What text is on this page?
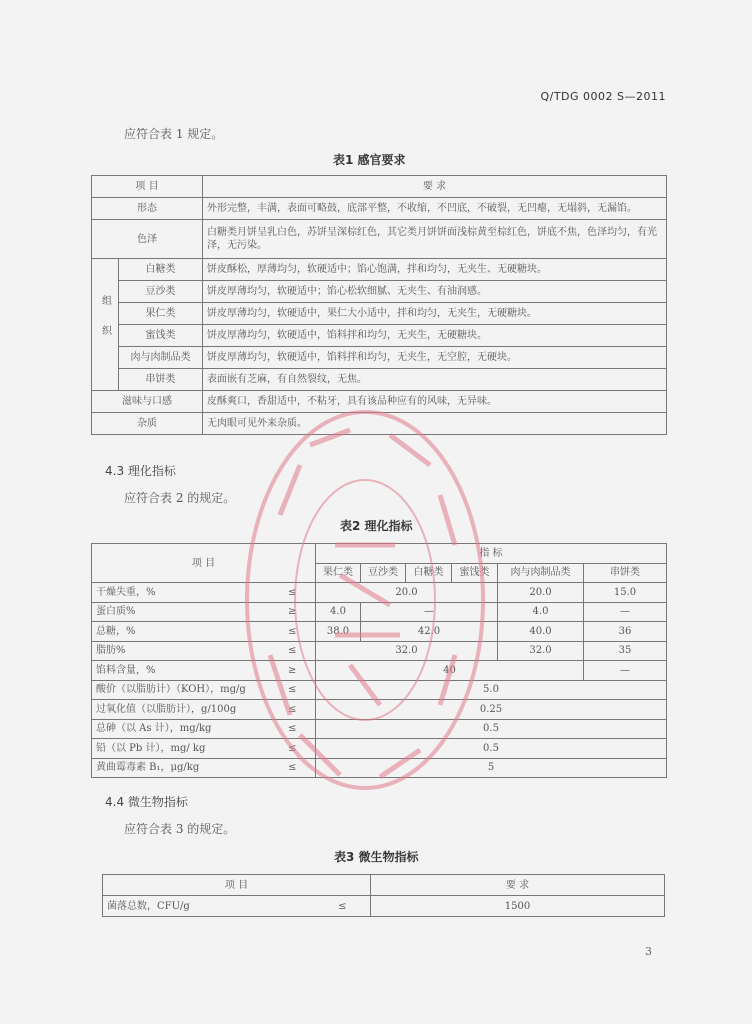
Q/TDG 0002 S—2011
应符合表 1 规定。
表1 感官要求
项 目		要 求
形态		外形完整，丰满，表面可略鼓，底部平整，不收缩，不凹底，不破裂，无凹瘪，无塌斜，无漏馅。
色泽		白糖类月饼呈乳白色，苏饼呈深棕红色，其它类月饼饼面浅棕黄至棕红色，饼底不焦，色泽均匀，有光泽，无污染。
组织	白糖类	饼皮酥松，厚薄均匀，软硬适中；馅心饱满，拌和均匀，无夹生、无硬糖块。
	豆沙类	饼皮厚薄均匀，软硬适中；馅心松软细腻、无夹生、有油润感。
	果仁类	饼皮厚薄均匀，软硬适中，果仁大小适中，拌和均匀，无夹生，无硬糖块。
	蜜饯类	饼皮厚薄均匀，软硬适中，馅料拌和均匀，无夹生，无硬糖块。
	肉与肉制品类	饼皮厚薄均匀，软硬适中，馅料拌和均匀，无夹生，无空腔，无硬块。
	串饼类	表面嵌有芝麻，有自然裂纹，无焦。
滋味与口感		皮酥爽口，香甜适中，不粘牙，具有该品种应有的风味，无异味。
杂质		无肉眼可见外来杂质。
4.3 理化指标
应符合表 2 的规定。
表2 理化指标
项 目		指 标					
		果仁类	豆沙类	白糖类	蜜饯类	肉与肉制品类	串饼类
干燥失重，%	≤	20.0				20.0	15.0
蛋白质%	≥	4.0	—			4.0	—
总糖，%	≤	38.0	42.0			40.0	36
脂肪%	≤	32.0				32.0	35
馅料含量，%	≥	40					—
酸价（以脂肪计）（KOH），mg/g	≤	5.0					
过氧化值（以脂肪计），g/100g	≤	0.25					
总砷（以 As 计），mg/kg	≤	0.5					
铅（以 Pb 计），mg/ kg	≤	0.5					
黄曲霉毒素 B₁，μg/kg	≤	5					
4.4 微生物指标
应符合表 3 的规定。
表3 微生物指标
项 目		要 求
菌落总数，CFU/g	≤	1500
3
